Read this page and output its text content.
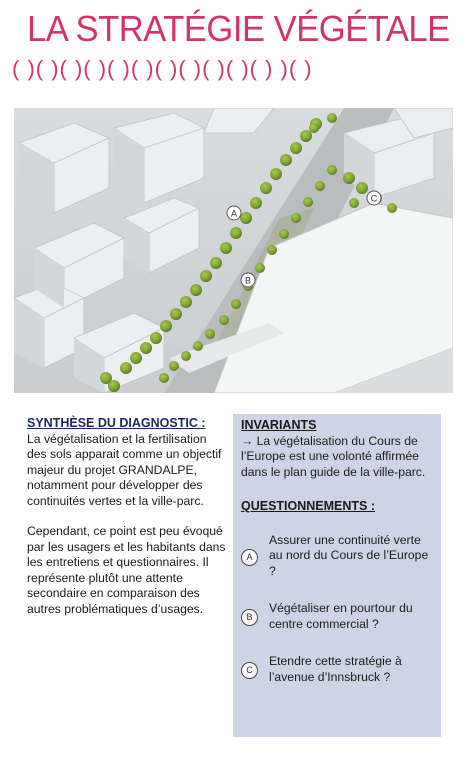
LA STRATÉGIE VÉGÉTALE
( )( )( )( )( )( )( )( )( )( )( ) )( )
A
B
C
SYNTHÈSE DU DIAGNOSTIC :

La végétalisation et la fertilisation des sols apparait comme un objectif majeur du projet GRANDALPE, notamment pour développer des continuités vertes et la ville-parc.

Cependant, ce point est peu évoqué par les usagers et les habitants dans les entretiens et questionnaires. Il représente plutôt une attente secondaire en comparaison des autres problématiques d’usages.

INVARIANTS
→ La végétalisation du Cours de l’Europe est une volonté affirmée dans le plan guide de la ville-parc.
QUESTIONNEMENTS :
A
Assurer une continuité verte au nord du Cours de l’Europe ?
B
Végétaliser en pourtour du centre commercial ?
C
Etendre cette stratégie à l’avenue d’Innsbruck ?
